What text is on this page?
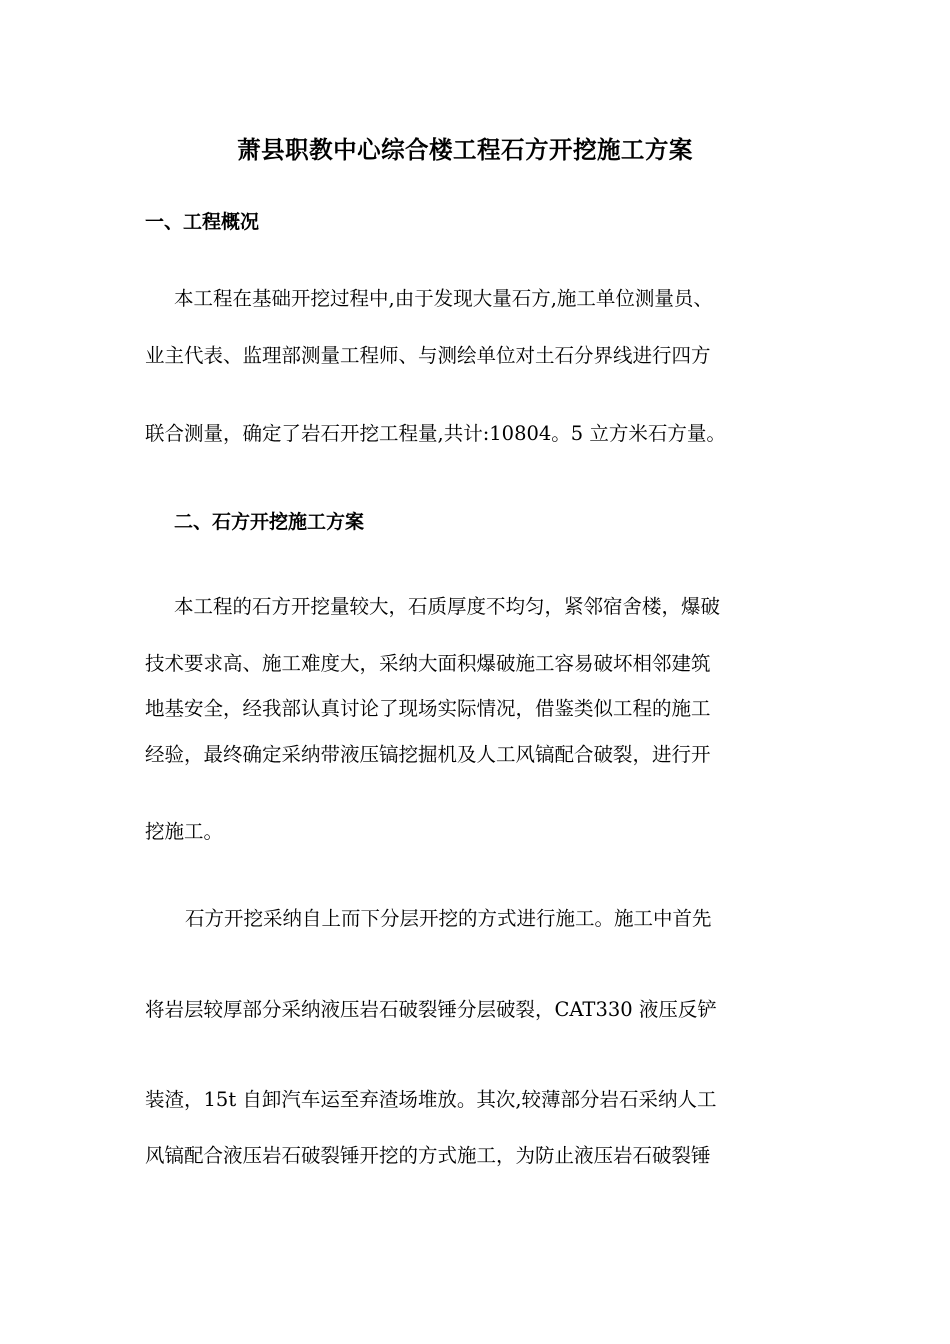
萧县职教中心综合楼工程石方开挖施工方案
一、工程概况
本工程在基础开挖过程中,由于发现大量石方,施工单位测量员、
业主代表、监理部测量工程师、与测绘单位对土石分界线进行四方
联合测量，确定了岩石开挖工程量,共计:10804。5 立方米石方量。
二、石方开挖施工方案
本工程的石方开挖量较大，石质厚度不均匀，紧邻宿舍楼，爆破
技术要求高、施工难度大，采纳大面积爆破施工容易破坏相邻建筑
地基安全，经我部认真讨论了现场实际情况，借鉴类似工程的施工
经验，最终确定采纳带液压镐挖掘机及人工风镐配合破裂，进行开
挖施工。
石方开挖采纳自上而下分层开挖的方式进行施工。施工中首先
将岩层较厚部分采纳液压岩石破裂锤分层破裂，CAT330 液压反铲
装渣，15t 自卸汽车运至弃渣场堆放。其次,较薄部分岩石采纳人工
风镐配合液压岩石破裂锤开挖的方式施工，为防止液压岩石破裂锤
